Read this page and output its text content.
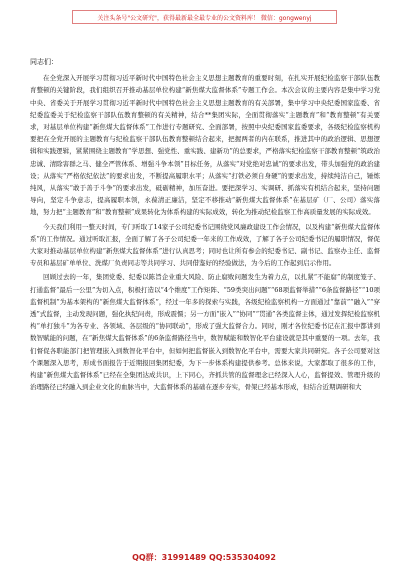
关注头条号"公文研究"，获得最新最全最专业的公文资料库！ 微信：gongwenyj

同志们：

在全党深入开展学习贯彻习近平新时代中国特色社会主义思想主题教育的重要时刻，在扎实开展纪检监察干部队伍教育整顿的关键阶段，我们组织召开推动基层单位构建“新焦煤大监督体系”专题工作会。本次会议的主要内容是集中学习党中央、省委关于开展学习贯彻习近平新时代中国特色社会主义思想主题教育的有关部署，集中学习中央纪委国家监委、省纪委监委关于纪检监察干部队伍教育整顿的有关精神，结合**集团实际，全面贯彻落实“主题教育”和“教育整顿”有关要求，对基层单位构建“新焦煤大监督体系”工作进行专题研究、全面部署，按照中央纪委国家监委要求，各级纪检监察机构要把在全党开展的主题教育与纪检监察干部队伍教育整顿结合起来，把握两者的内在联系，推进其中的政治逻辑、思想逻辑和实践逻辑，紧紧围绕主题教育“学思想、强党性、重实践、建新功”的总要求，严格落实纪检监察干部教育整顿“筑政治忠诚、清除害群之马、健全严管体系、增强斗争本领”目标任务，从落实“对党绝对忠诚”的要求出发，带头加强党的政治建设；从落实“严格依纪依法”的要求出发，不断提高履职水平；从落实“打铁必须自身硬”的要求出发，持续纯洁自己，锤炼纯风，从落实“敢于善于斗争”的要求出发，砥砺精神，加压奋进。要把深学习、实调研、抓落实有机结合起来，坚持问题导向，坚定斗争意志，提高履职本领，永葆清正廉洁，坚定不移推动“新焦煤大监督体系”在基层矿（厂、公司）落实落地，努力把“主题教育”和“教育整顿”成果转化为体系构建的实际成效，转化为推动纪检监察工作高质量发展的实际成效。

今天我们利用一整天时间，专门听取了14家子公司纪委书记围绕党风廉政建设工作会情况，以及构建“新焦煤大监督体系”的工作情况。通过听取汇报，全面了解了各子公司纪委一年来的工作成效，了解了各子公司纪委书记的履职情况，督促大家对推动基层单位构建“新焦煤大监督体系”进行认真思考；同时也让所有参会的纪委书记、副书记、监察办主任、监督专员和基层矿单单位、洗煤厂负责同志等共同学习、共同借鉴好的经验做法，为今后的工作起到启示作用。

回顾过去的一年，集团党委、纪委以陈旨企业重大风险、防止腐败问题发生为着力点，以扎紧“不能腐”的制度笼子、打通监督“最后一公里”为切入点，积极打造以“4个维度”工作矩阵、“59类突出问题”“68项监督举措”“6条监督路径”“10项监督机制”为基本架构的“新焦煤大监督体系”，经过一年多的探索与实践，各级纪检监察机构一方面通过“靠前”“融入”“穿透”式监督，主动发现问题，强化执纪问责，形成震慑；另一方面“嵌入”“协同”“贯通”各类监督主体，通过发挥纪检监察机构“单打独斗”为各专业、各领域、各层级的“协同联动”，形成了强大监督合力。同时，刚才各位纪委书记在汇报中都讲到数智赋能的问题，在“新焦煤大监督体系”的6条监督路径当中，数智赋能和数智化平台建设就是其中重要的一项。去年，我们督促各职能部门把管理嵌入到数智化平台中，但如何把监督嵌入到数智化平台中，需要大家共同研究。各子公司要对这个课题深入思考，形成书面报告于近期报回集团纪委，为下一步体系构建提供参考。总体来说，大家都取了很多的工作，构建“新焦煤大监督体系”已经在全集团达成共识，上下同心，齐抓共管的监督理念已经深入人心，监督提效、管理升级的治理路径已经融入到企业文化的血脉当中，大监督体系的基础在逐步夯实，骨架已经基本形成，但结合近期调研和大

QQ群：31991489 QQ:535304092
